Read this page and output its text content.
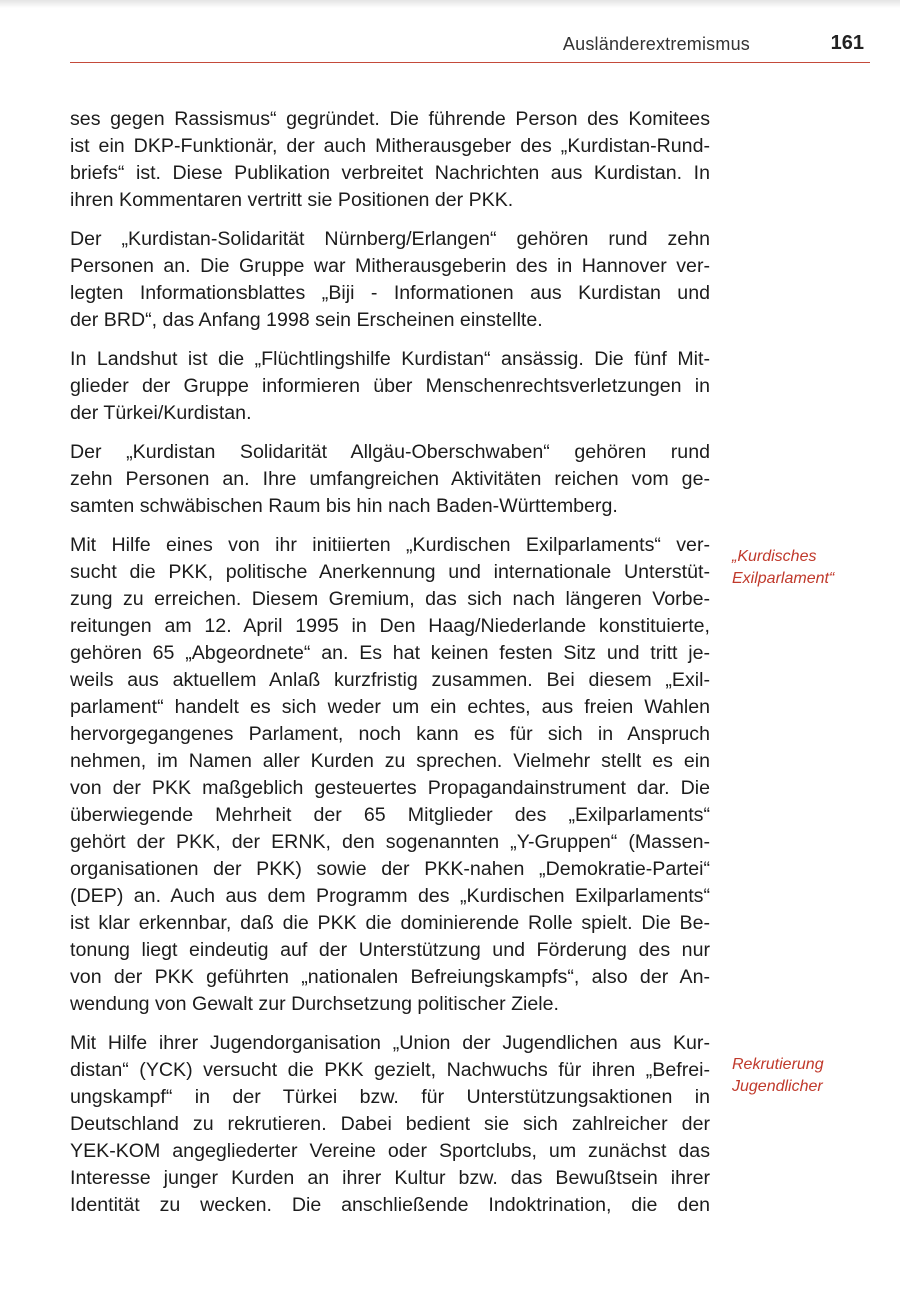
Ausländerextremismus	161

ses gegen Rassismus“ gegründet. Die führende Person des Komitees
ist ein DKP-Funktionär, der auch Mitherausgeber des „Kurdistan-Rund-
briefs“ ist. Diese Publikation verbreitet Nachrichten aus Kurdistan. In
ihren Kommentaren vertritt sie Positionen der PKK.

Der „Kurdistan-Solidarität Nürnberg/Erlangen“ gehören rund zehn
Personen an. Die Gruppe war Mitherausgeberin des in Hannover ver-
legten Informationsblattes „Biji - Informationen aus Kurdistan und
der BRD“, das Anfang 1998 sein Erscheinen einstellte.

In Landshut ist die „Flüchtlingshilfe Kurdistan“ ansässig. Die fünf Mit-
glieder der Gruppe informieren über Menschenrechtsverletzungen in
der Türkei/Kurdistan.

Der „Kurdistan Solidarität Allgäu-Oberschwaben“ gehören rund
zehn Personen an. Ihre umfangreichen Aktivitäten reichen vom ge-
samten schwäbischen Raum bis hin nach Baden-Württemberg.

Mit Hilfe eines von ihr initiierten „Kurdischen Exilparlaments“ ver-
sucht die PKK, politische Anerkennung und internationale Unterstüt-
zung zu erreichen. Diesem Gremium, das sich nach längeren Vorbe-
reitungen am 12. April 1995 in Den Haag/Niederlande konstituierte,
gehören 65 „Abgeordnete“ an. Es hat keinen festen Sitz und tritt je-
weils aus aktuellem Anlaß kurzfristig zusammen. Bei diesem „Exil-
parlament“ handelt es sich weder um ein echtes, aus freien Wahlen
hervorgegangenes Parlament, noch kann es für sich in Anspruch
nehmen, im Namen aller Kurden zu sprechen. Vielmehr stellt es ein
von der PKK maßgeblich gesteuertes Propagandainstrument dar. Die
überwiegende Mehrheit der 65 Mitglieder des „Exilparlaments“
gehört der PKK, der ERNK, den sogenannten „Y-Gruppen“ (Massen-
organisationen der PKK) sowie der PKK-nahen „Demokratie-Partei“
(DEP) an. Auch aus dem Programm des „Kurdischen Exilparlaments“
ist klar erkennbar, daß die PKK die dominierende Rolle spielt. Die Be-
tonung liegt eindeutig auf der Unterstützung und Förderung des nur
von der PKK geführten „nationalen Befreiungskampfs“, also der An-
wendung von Gewalt zur Durchsetzung politischer Ziele.

Mit Hilfe ihrer Jugendorganisation „Union der Jugendlichen aus Kur-
distan“ (YCK) versucht die PKK gezielt, Nachwuchs für ihren „Befrei-
ungskampf“ in der Türkei bzw. für Unterstützungsaktionen in
Deutschland zu rekrutieren. Dabei bedient sie sich zahlreicher der
YEK-KOM angegliederter Vereine oder Sportclubs, um zunächst das
Interesse junger Kurden an ihrer Kultur bzw. das Bewußtsein ihrer
Identität zu wecken. Die anschließende Indoktrination, die den

„Kurdisches
Exilparlament“
Rekrutierung
Jugendlicher
